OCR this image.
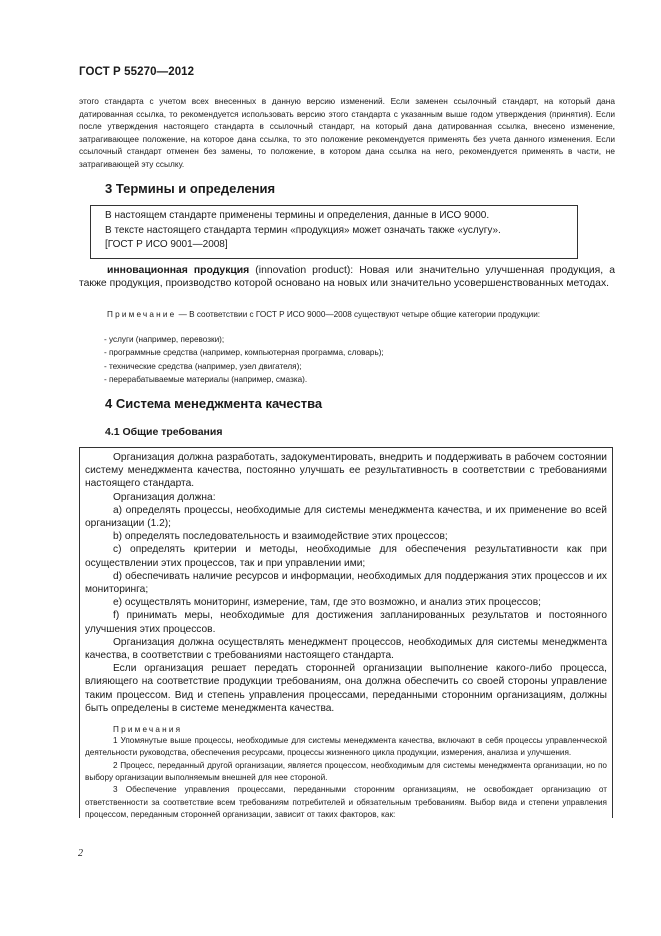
ГОСТ Р 55270—2012
этого стандарта с учетом всех внесенных в данную версию изменений. Если заменен ссылочный стандарт, на который дана датированная ссылка, то рекомендуется использовать версию этого стандарта с указанным выше годом утверждения (принятия). Если после утверждения настоящего стандарта в ссылочный стандарт, на который дана датированная ссылка, внесено изменение, затрагивающее положение, на которое дана ссылка, то это положение рекомендуется применять без учета данного изменения. Если ссылочный стандарт отменен без замены, то положение, в котором дана ссылка на него, рекомендуется применять в части, не затрагивающей эту ссылку.
3 Термины и определения
В настоящем стандарте применены термины и определения, данные в ИСО 9000.
В тексте настоящего стандарта термин «продукция» может означать также «услугу».
[ГОСТ Р ИСО 9001—2008]
инновационная продукция (innovation product): Новая или значительно улучшенная продукция, а также продукция, производство которой основано на новых или значительно усовершенствованных методах.
Примечание — В соответствии с ГОСТ Р ИСО 9000—2008 существуют четыре общие категории продукции:
- услуги (например, перевозки);
- программные средства (например, компьютерная программа, словарь);
- технические средства (например, узел двигателя);
- перерабатываемые материалы (например, смазка).
4 Система менеджмента качества
4.1 Общие требования

Организация должна разработать, задокументировать, внедрить и поддерживать в рабочем состоянии систему менеджмента качества, постоянно улучшать ее результативность в соответствии с требованиями настоящего стандарта.

Организация должна:

a) определять процессы, необходимые для системы менеджмента качества, и их применение во всей организации (1.2);

b) определять последовательность и взаимодействие этих процессов;

c) определять критерии и методы, необходимые для обеспечения результативности как при осуществлении этих процессов, так и при управлении ими;

d) обеспечивать наличие ресурсов и информации, необходимых для поддержания этих процессов и их мониторинга;

e) осуществлять мониторинг, измерение, там, где это возможно, и анализ этих процессов;

f) принимать меры, необходимые для достижения запланированных результатов и постоянного улучшения этих процессов.

Организация должна осуществлять менеджмент процессов, необходимых для системы менеджмента качества, в соответствии с требованиями настоящего стандарта.

Если организация решает передать сторонней организации выполнение какого-либо процесса, влияющего на соответствие продукции требованиям, она должна обеспечить со своей стороны управление таким процессом. Вид и степень управления процессами, переданными сторонним организациям, должны быть определены в системе менеджмента качества.

Примечания

1 Упомянутые выше процессы, необходимые для системы менеджмента качества, включают в себя процессы управленческой деятельности руководства, обеспечения ресурсами, процессы жизненного цикла продукции, измерения, анализа и улучшения.

2 Процесс, переданный другой организации, является процессом, необходимым для системы менеджмента организации, но по выбору организации выполняемым внешней для нее стороной.

3 Обеспечение управления процессами, переданными сторонним организациям, не освобождает организацию от ответственности за соответствие всем требованиям потребителей и обязательным требованиям. Выбор вида и степени управления процессом, переданным сторонней организации, зависит от таких факторов, как:

2
